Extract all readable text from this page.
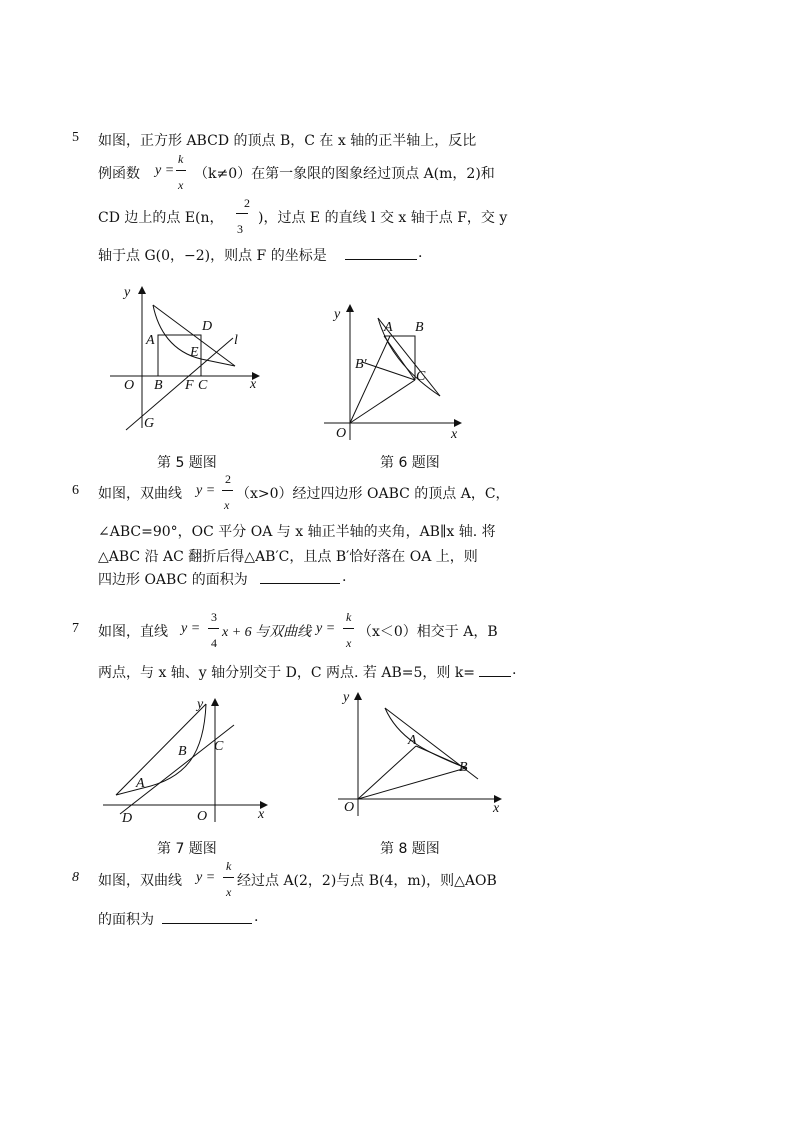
5 如图，正方形 ABCD 的顶点 B，C 在 x 轴的正半轴上，反比
例函数 y =
k
x
（k≠0）在第一象限的图象经过顶点 A(m，2)和
CD 边上的点 E(n，
2
3
)，过点 E 的直线 l 交 x 轴于点 F，交 y
轴于点 G(0，−2)，则点 F 的坐标是	.
y
x
O
A
B	C
D
E
F
G
l
第 5 题图
y
x
O
A B
B′
C
第 6 题图
6 如图，双曲线 y =
2
x
（x>0）经过四边形 OABC 的顶点 A，C，
∠ABC=90°，OC 平分 OA 与 x 轴正半轴的夹角，AB∥x 轴. 将
△ABC 沿 AC 翻折后得△AB′C，且点 B′恰好落在 OA 上，则
四边形 OABC 的面积为	.
7 如图，直线 y =
3
4
x + 6 与双曲线 y =
k
x
（x＜0）相交于 A，B
两点，与 x 轴、y 轴分别交于 D，C 两点. 若 AB=5，则 k=	.
y
x
O
A
B C
D
第 7 题图
y
x
O
A
B
第 8 题图
8 如图，双曲线 y =
k
x
经过点 A(2，2)与点 B(4，m)，则△AOB
的面积为	.
